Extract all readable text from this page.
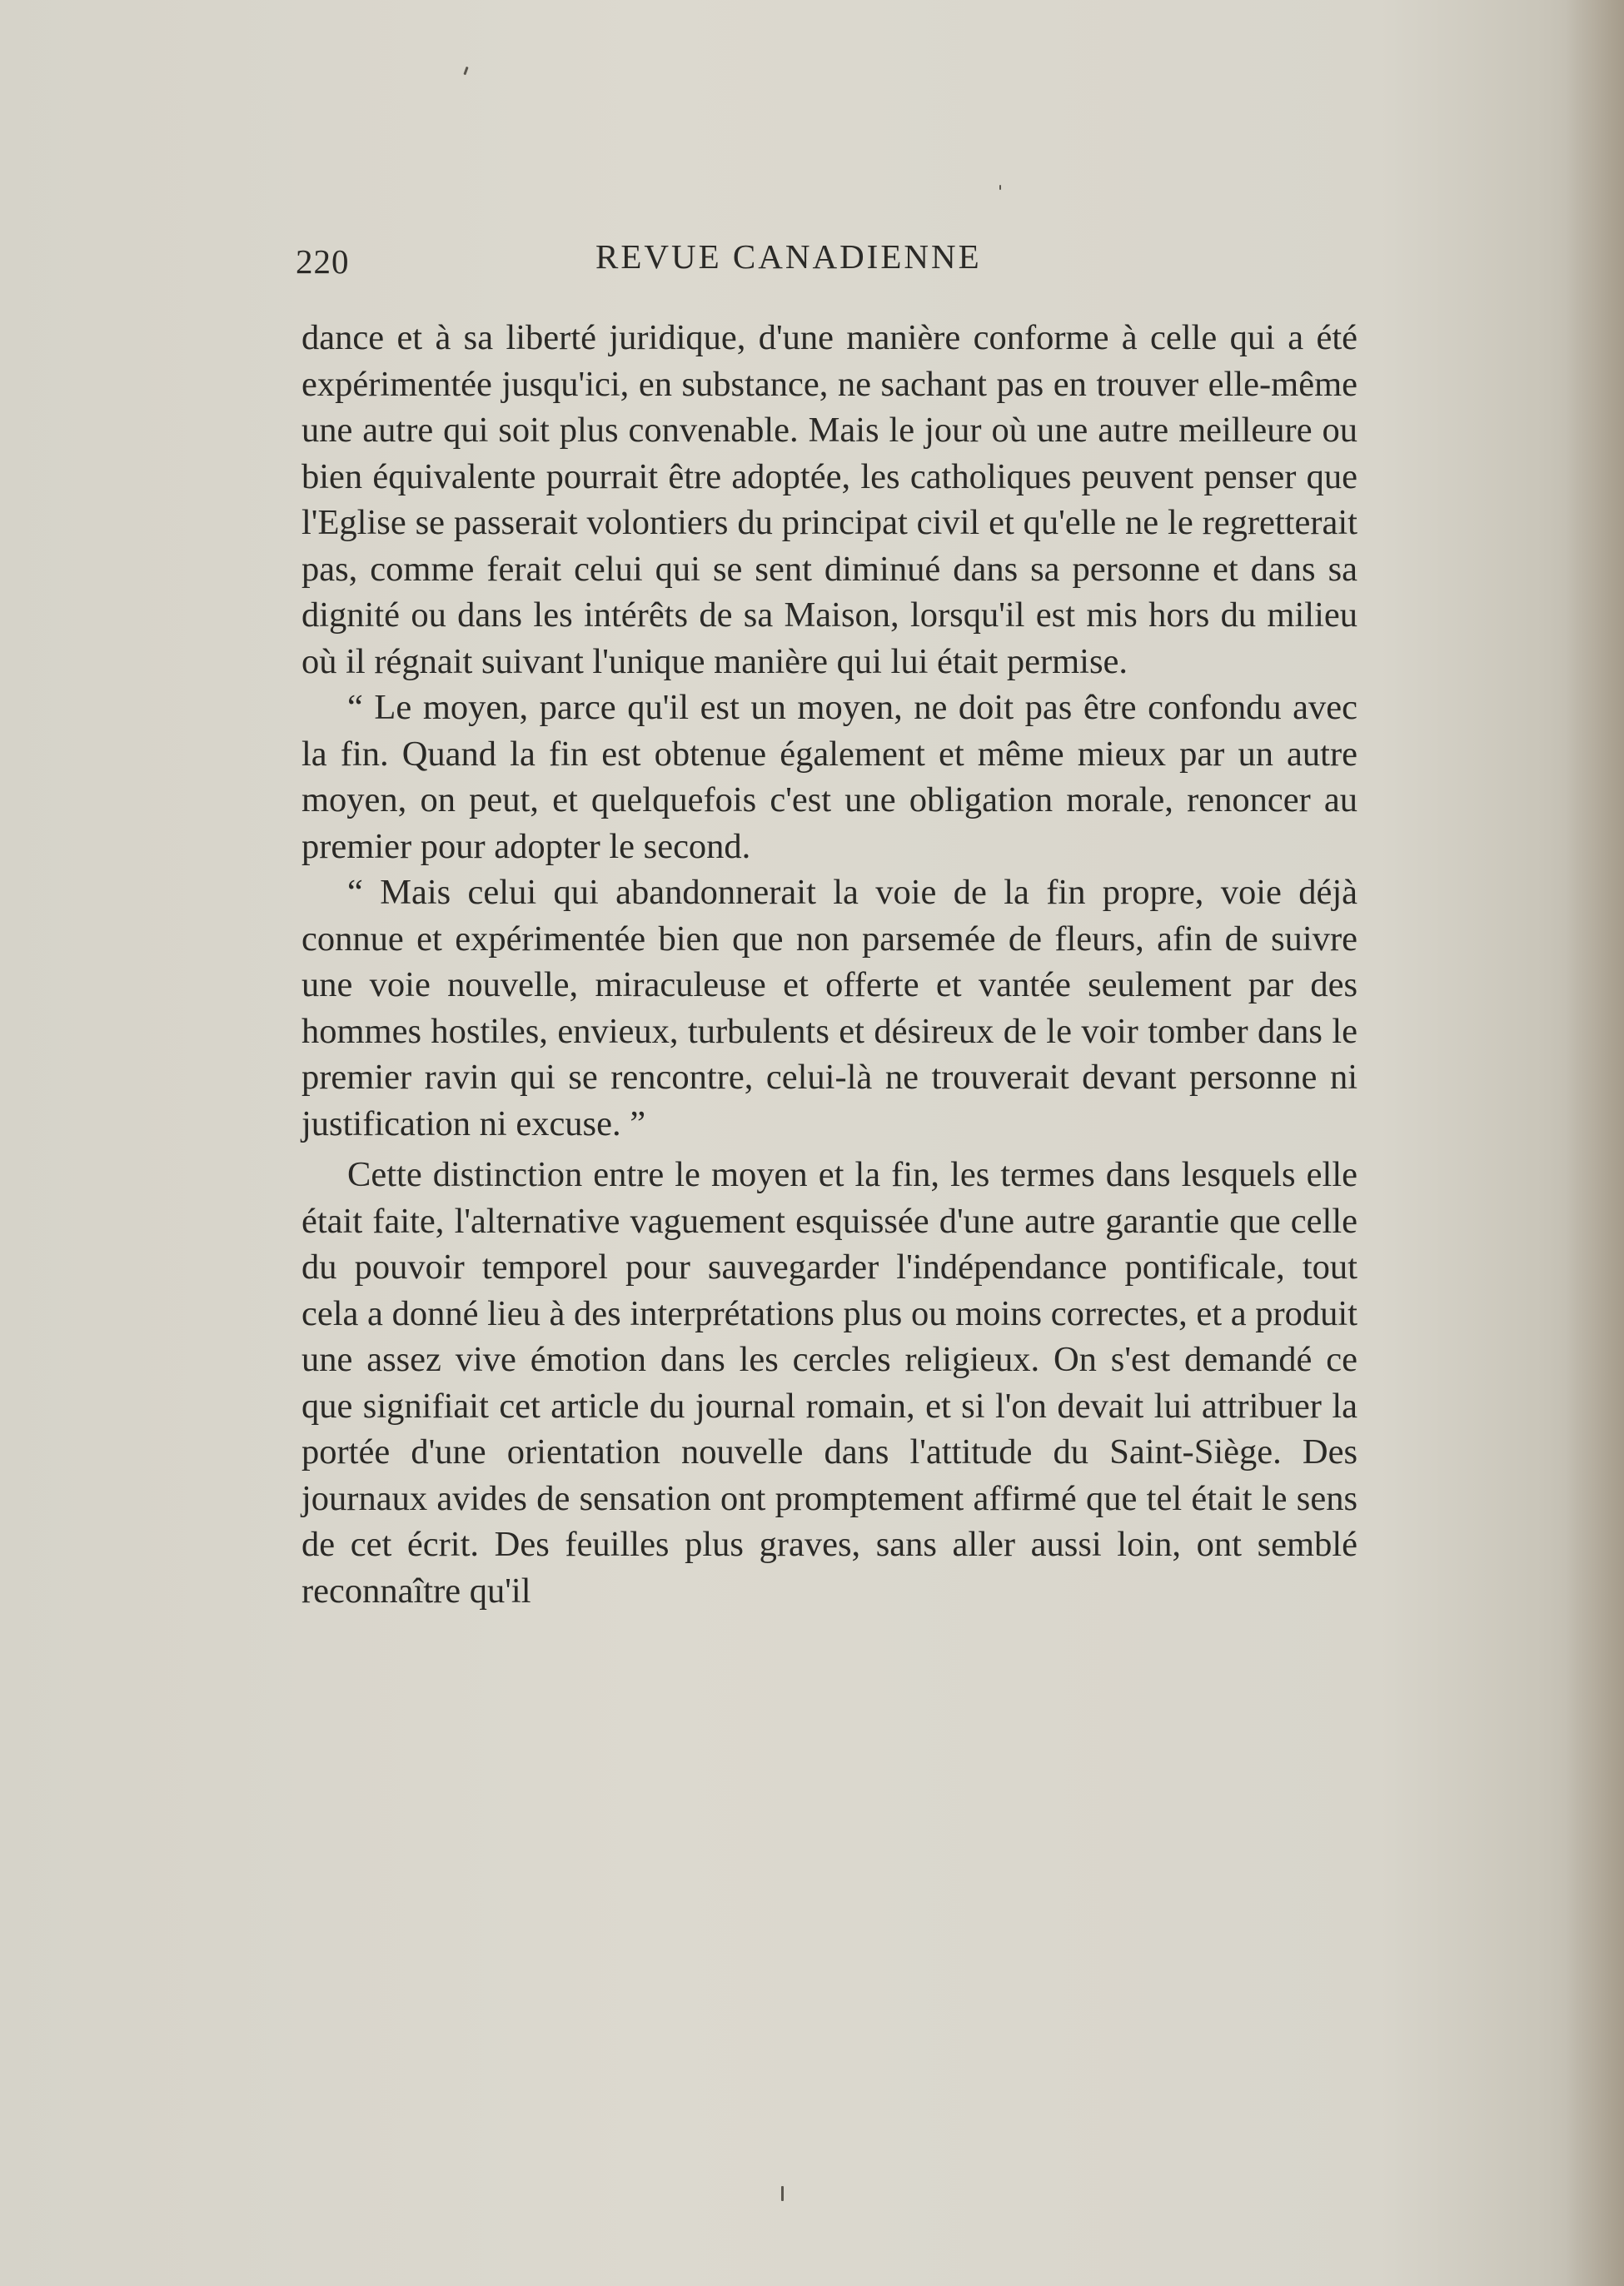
220	REVUE CANADIENNE

dance et à sa liberté juridique, d'une manière conforme à celle qui a été expérimentée jusqu'ici, en substance, ne sachant pas en trouver elle-même une autre qui soit plus convenable. Mais le jour où une autre meilleure ou bien équivalente pourrait être adoptée, les catholiques peuvent penser que l'Eglise se passerait volontiers du principat civil et qu'elle ne le regretterait pas, comme ferait celui qui se sent diminué dans sa personne et dans sa dignité ou dans les intérêts de sa Maison, lorsqu'il est mis hors du milieu où il régnait suivant l'unique manière qui lui était permise.

“ Le moyen, parce qu'il est un moyen, ne doit pas être confondu avec la fin. Quand la fin est obtenue également et même mieux par un autre moyen, on peut, et quelquefois c'est une obligation morale, renoncer au premier pour adopter le second.

“ Mais celui qui abandonnerait la voie de la fin propre, voie déjà connue et expérimentée bien que non parsemée de fleurs, afin de suivre une voie nouvelle, miraculeuse et offerte et vantée seulement par des hommes hostiles, envieux, turbulents et désireux de le voir tomber dans le premier ravin qui se rencontre, celui-là ne trouverait devant personne ni justification ni excuse. ”

Cette distinction entre le moyen et la fin, les termes dans lesquels elle était faite, l'alternative vaguement esquissée d'une autre garantie que celle du pouvoir temporel pour sauvegarder l'indépendance pontificale, tout cela a donné lieu à des interprétations plus ou moins correctes, et a produit une assez vive émotion dans les cercles religieux. On s'est demandé ce que signifiait cet article du journal romain, et si l'on devait lui attribuer la portée d'une orientation nouvelle dans l'attitude du Saint-Siège. Des journaux avides de sensation ont promptement affirmé que tel était le sens de cet écrit. Des feuilles plus graves, sans aller aussi loin, ont semblé reconnaître qu'il
